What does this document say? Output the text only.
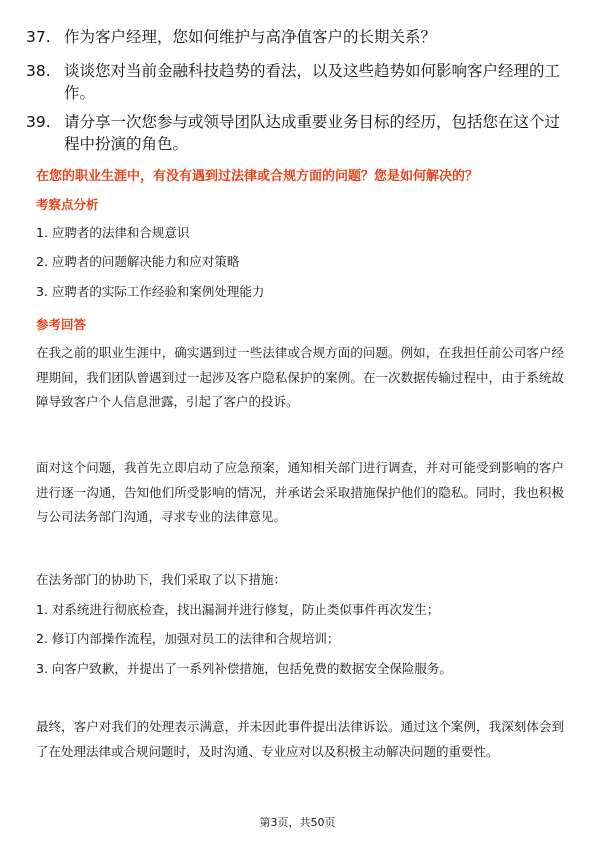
37. 作为客户经理，您如何维护与高净值客户的长期关系？
38. 谈谈您对当前金融科技趋势的看法，以及这些趋势如何影响客户经理的工作。
39. 请分享一次您参与或领导团队达成重要业务目标的经历，包括您在这个过程中扮演的角色。
在您的职业生涯中，有没有遇到过法律或合规方面的问题？您是如何解决的？
考察点分析
1. 应聘者的法律和合规意识
2. 应聘者的问题解决能力和应对策略
3. 应聘者的实际工作经验和案例处理能力
参考回答
在我之前的职业生涯中，确实遇到过一些法律或合规方面的问题。例如，在我担任前公司客户经理期间，我们团队曾遇到过一起涉及客户隐私保护的案例。在一次数据传输过程中，由于系统故障导致客户个人信息泄露，引起了客户的投诉。
面对这个问题，我首先立即启动了应急预案，通知相关部门进行调查，并对可能受到影响的客户进行逐一沟通，告知他们所受影响的情况，并承诺会采取措施保护他们的隐私。同时，我也积极与公司法务部门沟通，寻求专业的法律意见。
在法务部门的协助下，我们采取了以下措施：
1. 对系统进行彻底检查，找出漏洞并进行修复，防止类似事件再次发生；
2. 修订内部操作流程，加强对员工的法律和合规培训；
3. 向客户致歉，并提出了一系列补偿措施，包括免费的数据安全保险服务。
最终，客户对我们的处理表示满意，并未因此事件提出法律诉讼。通过这个案例，我深刻体会到了在处理法律或合规问题时，及时沟通、专业应对以及积极主动解决问题的重要性。
第3页，共50页
